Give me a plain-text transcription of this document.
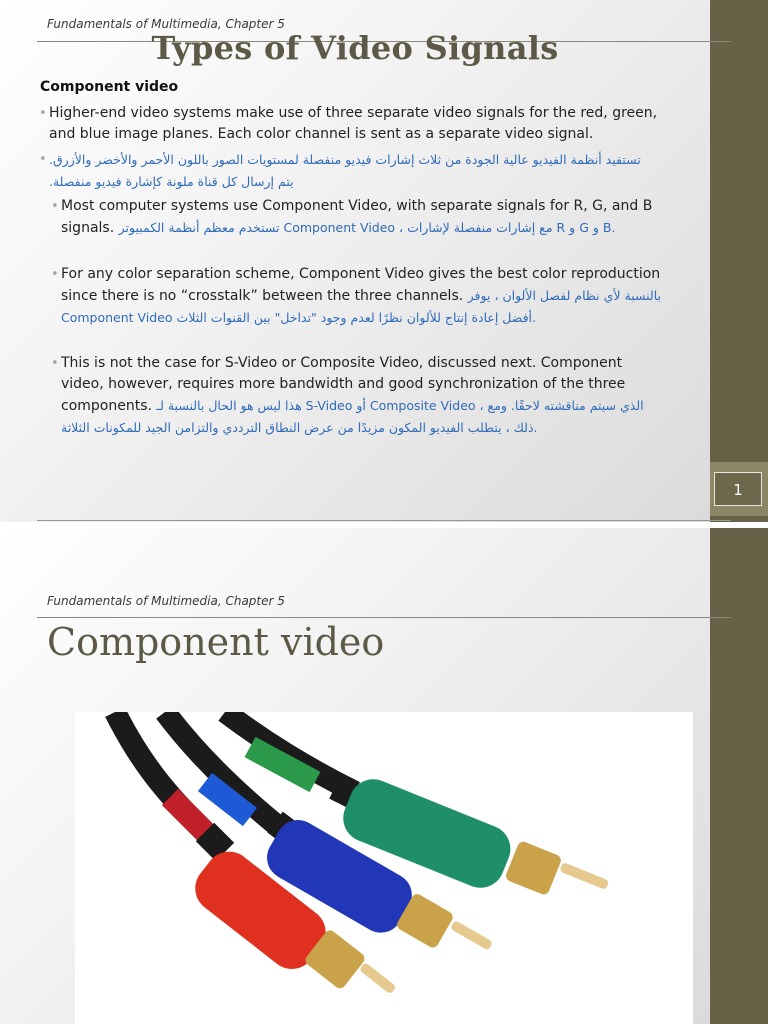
Fundamentals of Multimedia, Chapter 5
Types of Video Signals
Component video
• Higher-end video systems make use of three separate video signals for the red, green, and blue image planes. Each color channel is sent as a separate video signal.
• تستفيد أنظمة الفيديو عالية الجودة من ثلاث إشارات فيديو منفصلة لمستويات الصور باللون الأحمر والأخضر والأزرق. يتم إرسال كل قناة ملونة كإشارة فيديو منفصلة.
• Most computer systems use Component Video, with separate signals for R, G, and B signals. تستخدم معظم أنظمة الكمبيوتر Component Video ، مع إشارات منفصلة لإشارات R و G و B.
• For any color separation scheme, Component Video gives the best color reproduction since there is no “crosstalk” between the three channels. بالنسبة لأي نظام لفصل الألوان ، يوفر Component Video أفضل إعادة إنتاج للألوان نظرًا لعدم وجود "تداخل" بين القنوات الثلاث.
• This is not the case for S-Video or Composite Video, discussed next. Component video, however, requires more bandwidth and good synchronization of the three components. هذا ليس هو الحال بالنسبة لـ S-Video أو Composite Video ، الذي سيتم مناقشته لاحقًا. ومع ذلك ، يتطلب الفيديو المكون مزيدًا من عرض النطاق الترددي والتزامن الجيد للمكونات الثلاثة.
1
Fundamentals of Multimedia, Chapter 5
Component video
